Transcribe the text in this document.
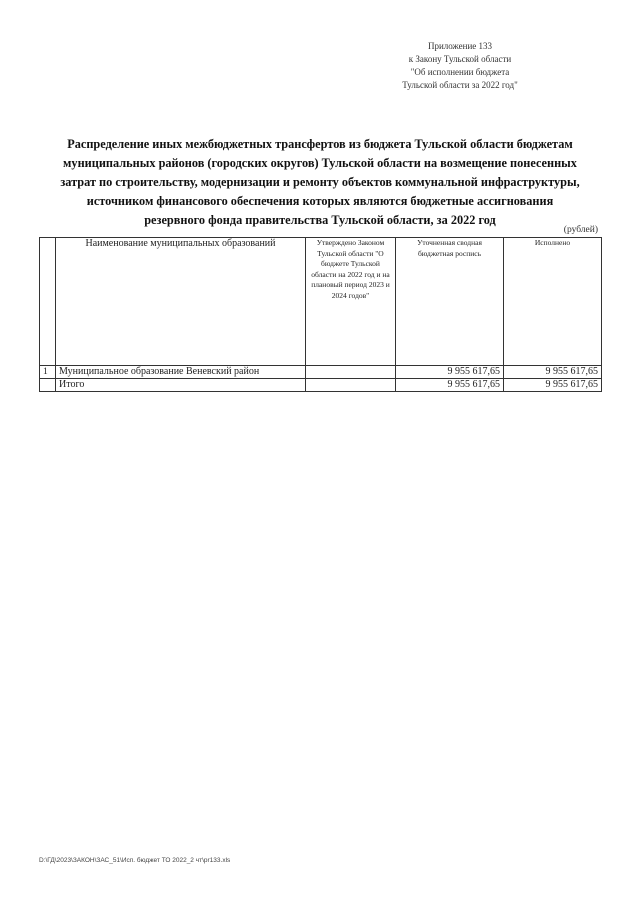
Приложение 133
к Закону Тульской области
"Об исполнении бюджета
Тульской области за 2022 год"
Распределение иных межбюджетных трансфертов из бюджета Тульской области бюджетам
муниципальных районов (городских округов) Тульской области на возмещение понесенных
затрат по строительству, модернизации и ремонту объектов коммунальной инфраструктуры,
источником финансового обеспечения которых являются бюджетные ассигнования
резервного фонда правительства Тульской области, за 2022 год
(рублей)
	Наименование муниципальных образований	Утверждено Законом Тульской области "О бюджете Тульской области на 2022 год и на плановый период 2023 и 2024 годов"	Уточненная сводная бюджетная роспись	Исполнено
1	Муниципальное образование Веневский район		9 955 617,65	9 955 617,65
	Итого		9 955 617,65	9 955 617,65
D:\ГД\2023\ЗАКОН\ЗАС_51\Исп. бюджет ТО 2022_2 чт\pr133.xls
